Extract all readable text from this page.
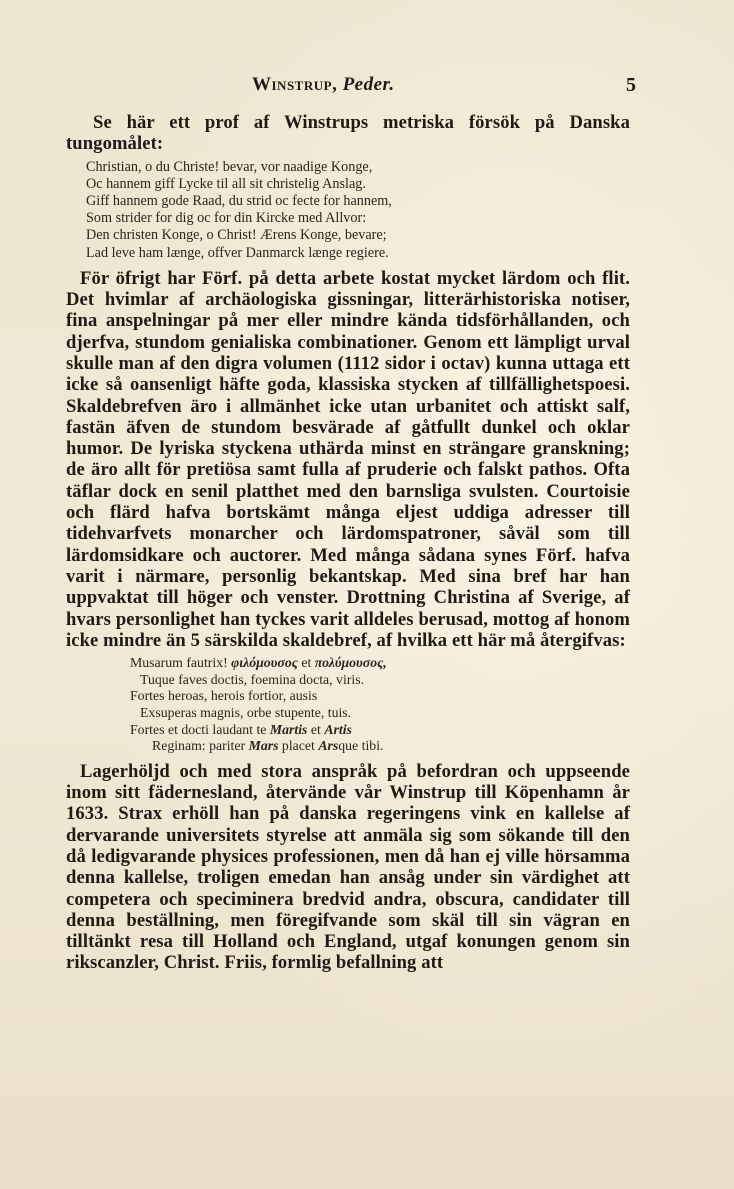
Winstrup, Peder.	5

Se här ett prof af Winstrups metriska försök på Danska tungomålet:

Christian, o du Christe! bevar, vor naadige Konge,
Oc hannem giff Lycke til all sit christelig Anslag.
Giff hannem gode Raad, du strid oc fecte for hannem,
Som strider for dig oc for din Kircke med Allvor:
Den christen Konge, o Christ! Ærens Konge, bevare;
Lad leve ham længe, offver Danmarck længe regiere.

För öfrigt har Förf. på detta arbete kostat mycket lärdom och flit. Det hvimlar af archäologiska gissningar, litterärhistoriska notiser, fina anspelningar på mer eller mindre kända tidsförhållanden, och djerfva, stundom genialiska combinationer. Genom ett lämpligt urval skulle man af den digra volumen (1112 sidor i octav) kunna uttaga ett icke så oansenligt häfte goda, klassiska stycken af tillfällighetspoesi. Skaldebrefven äro i allmänhet icke utan urbanitet och attiskt salf, fastän äfven de stundom besvärade af gåtfullt dunkel och oklar humor. De lyriska styckena uthärda minst en strängare granskning; de äro allt för pretiösa samt fulla af pruderie och falskt pathos. Ofta täflar dock en senil platthet med den barnsliga svulsten. Courtoisie och flärd hafva bortskämt många eljest uddiga adresser till tidehvarfvets monarcher och lärdomspatroner, såväl som till lärdomsidkare och auctorer. Med många sådana synes Förf. hafva varit i närmare, personlig bekantskap. Med sina bref har han uppvaktat till höger och venster. Drottning Christina af Sverige, af hvars personlighet han tyckes varit alldeles berusad, mottog af honom icke mindre än 5 särskilda skaldebref, af hvilka ett här må återgifvas:

Musarum fautrix! φιλόμουσος et πολύμουσος,
Tuque faves doctis, foemina docta, viris.
Fortes heroas, herois fortior, ausis
Exsuperas magnis, orbe stupente, tuis.
Fortes et docti laudant te Martis et Artis
Reginam: pariter Mars placet Arsque tibi.

Lagerhöljd och med stora anspråk på befordran och uppseende inom sitt fädernesland, återvände vår Winstrup till Köpenhamn år 1633. Strax erhöll han på danska regeringens vink en kallelse af dervarande universitets styrelse att anmäla sig som sökande till den då ledigvarande physices professionen, men då han ej ville hörsamma denna kallelse, troligen emedan han ansåg under sin värdighet att competera och speciminera bredvid andra, obscura, candidater till denna beställning, men föregifvande som skäl till sin vägran en tilltänkt resa till Holland och England, utgaf konungen genom sin rikscanzler, Christ. Friis, formlig befallning att
